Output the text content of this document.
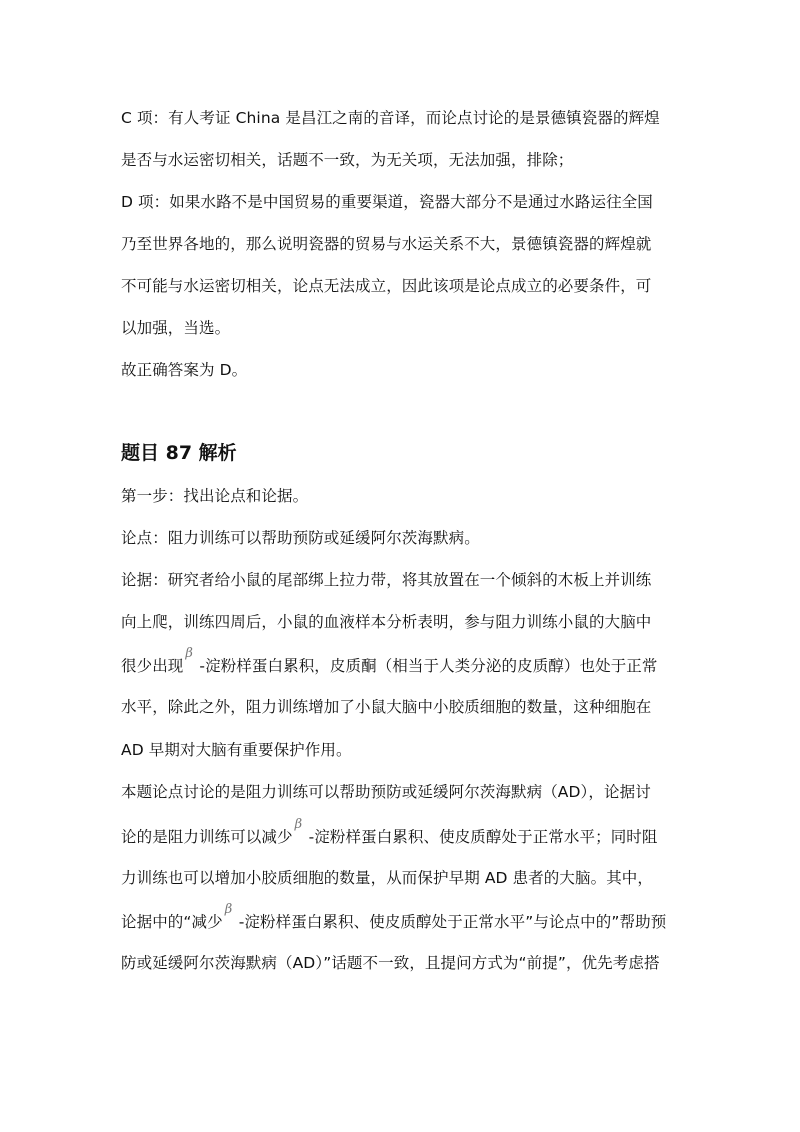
C 项：有人考证 China 是昌江之南的音译，而论点讨论的是景德镇瓷器的辉煌
是否与水运密切相关，话题不一致，为无关项，无法加强，排除；
D 项：如果水路不是中国贸易的重要渠道，瓷器大部分不是通过水路运往全国
乃至世界各地的，那么说明瓷器的贸易与水运关系不大，景德镇瓷器的辉煌就
不可能与水运密切相关，论点无法成立，因此该项是论点成立的必要条件，可
以加强，当选。
故正确答案为 D。
题目 87 解析
第一步：找出论点和论据。
论点：阻力训练可以帮助预防或延缓阿尔茨海默病。
论据：研究者给小鼠的尾部绑上拉力带，将其放置在一个倾斜的木板上并训练
向上爬，训练四周后，小鼠的血液样本分析表明，参与阻力训练小鼠的大脑中
很少出现
β
-淀粉样蛋白累积，皮质酮（相当于人类分泌的皮质醇）也处于正常
水平，除此之外，阻力训练增加了小鼠大脑中小胶质细胞的数量，这种细胞在
AD 早期对大脑有重要保护作用。
本题论点讨论的是阻力训练可以帮助预防或延缓阿尔茨海默病（AD），论据讨
论的是阻力训练可以减少
β
-淀粉样蛋白累积、使皮质醇处于正常水平；同时阻
力训练也可以增加小胶质细胞的数量，从而保护早期 AD 患者的大脑。其中，
论据中的“减少
β
-淀粉样蛋白累积、使皮质醇处于正常水平”与论点中的”帮助预
防或延缓阿尔茨海默病（AD）”话题不一致，且提问方式为“前提”，优先考虑搭
